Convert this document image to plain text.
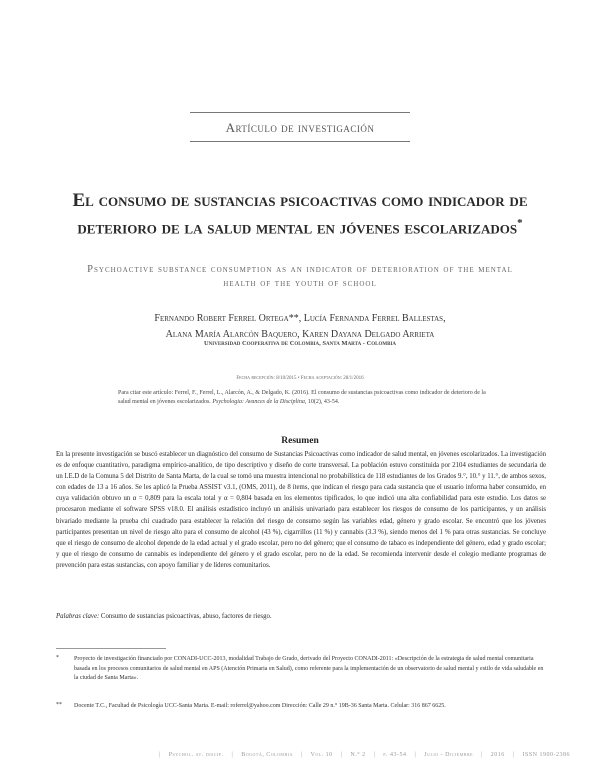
Artículo de investigación
El consumo de sustancias psicoactivas como indicador de deterioro de la salud mental en jóvenes escolarizados*
Psychoactive substance consumption as an indicator of deterioration of the mental health of the youth of school
Fernando Robert Ferrel Ortega**, Lucía Fernanda Ferrel Ballestas,
Alana María Alarcón Baquero, Karen Dayana Delgado Arrieta
Universidad Cooperativa de Colombia, Santa Marta - Colombia
Fecha recepción: 8/10/2015 • Fecha aceptación: 28/1/2016
Para citar este artículo: Ferrel, F., Ferrel, L., Alarcón, A., & Delgado, K. (2016). El consumo de sustancias psicoactivas como indicador de deterioro de la salud mental en jóvenes escolarizados. Psychologia: Avances de la Disciplina, 10(2), 43-54.
Resumen
En la presente investigación se buscó establecer un diagnóstico del consumo de Sustancias Psicoactivas como indicador de salud mental, en jóvenes escolarizados. La investigación es de enfoque cuantitativo, paradigma empírico-analítico, de tipo descriptivo y diseño de corte transversal. La población estuvo constituida por 2104 estudiantes de secundaria de un I.E.D de la Comuna 5 del Distrito de Santa Marta, de la cual se tomó una muestra intencional no probabilística de 118 estudiantes de los Grados 9.°, 10.° y 11.°, de ambos sexos, con edades de 13 a 16 años. Se les aplicó la Prueba ASSIST v3.1, (OMS, 2011), de 8 ítems, que indican el riesgo para cada sustancia que el usuario informa haber consumido, en cuya validación obtuvo un α = 0,809 para la escala total y α = 0,804 basada en los elementos tipificados, lo que indicó una alta confiabilidad para este estudio. Los datos se procesaron mediante el software SPSS v18.0. El análisis estadístico incluyó un análisis univariado para establecer los riesgos de consumo de los participantes, y un análisis bivariado mediante la prueba chi cuadrado para establecer la relación del riesgo de consumo según las variables edad, género y grado escolar. Se encontró que los jóvenes participantes presentan un nivel de riesgo alto para el consumo de alcohol (43 %), cigarrillos (11 %) y cannabis (3.3 %), siendo menos del 1 % para otras sustancias. Se concluye que el riesgo de consumo de alcohol depende de la edad actual y el grado escolar, pero no del género; que el consumo de tabaco es independiente del género, edad y grado escolar; y que el riesgo de consumo de cannabis es independiente del género y el grado escolar, pero no de la edad. Se recomienda intervenir desde el colegio mediante programas de prevención para estas sustancias, con apoyo familiar y de líderes comunitarios.
Palabras clave: Consumo de sustancias psicoactivas, abuso, factores de riesgo.
*	Proyecto de investigación financiado por CONADI-UCC-2013, modalidad Trabajo de Grado, derivado del Proyecto CONADI-2011: «Descripción de la estrategia de salud mental comunitaria basada en los procesos comunitarios de salud mental en APS (Atención Primaria en Salud), como referente para la implementación de un observatorio de salud mental y estilo de vida saludable en la ciudad de Santa Marta».
** Docente T.C., Facultad de Psicología UCC-Santa Marta. E-mail: roferrel@yahoo.com Dirección: Calle 29 n.° 19B-36 Santa Marta. Celular: 316 867 6625.
| Psychol. av. discip. | Bogotá, Colombia | Vol. 10 | N.° 2 | p. 43-54 | Julio - Diciembre | 2016 | ISSN 1900-2386
